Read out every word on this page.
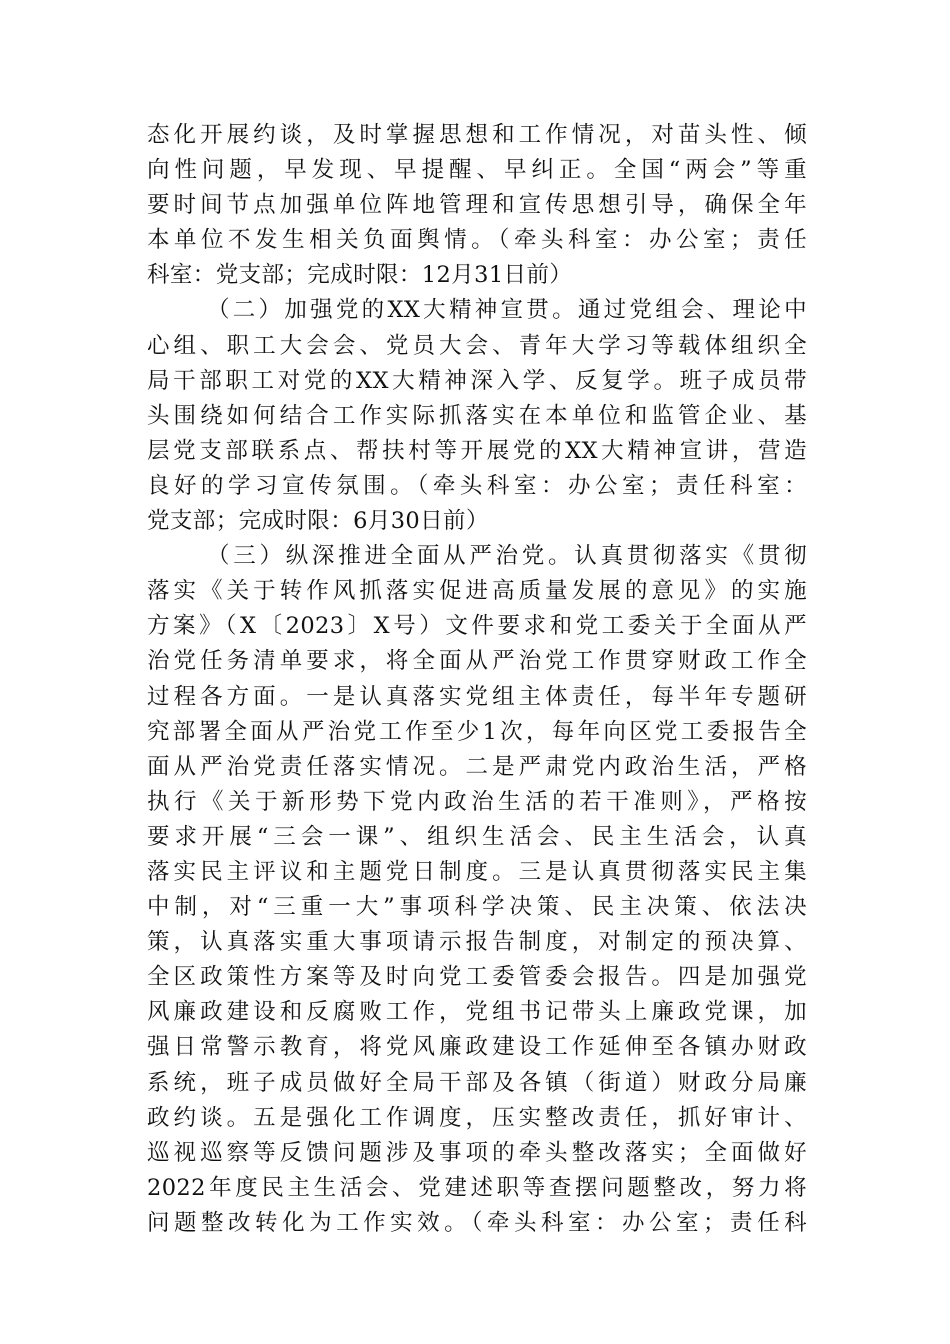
态化开展约谈，及时掌握思想和工作情况，对苗头性、倾
向性问题，早发现、早提醒、早纠正。全国“两会”等重
要时间节点加强单位阵地管理和宣传思想引导，确保全年
本单位不发生相关负面舆情。（牵头科室：办公室；责任
科室：党支部；完成时限：12月31日前）
（二）加强党的XX大精神宣贯。通过党组会、理论中
心组、职工大会会、党员大会、青年大学习等载体组织全
局干部职工对党的XX大精神深入学、反复学。班子成员带
头围绕如何结合工作实际抓落实在本单位和监管企业、基
层党支部联系点、帮扶村等开展党的XX大精神宣讲，营造
良好的学习宣传氛围。（牵头科室：办公室；责任科室：
党支部；完成时限：6月30日前）
（三）纵深推进全面从严治党。认真贯彻落实《贯彻
落实《关于转作风抓落实促进高质量发展的意见》的实施
方案》（X〔2023〕X号）文件要求和党工委关于全面从严
治党任务清单要求，将全面从严治党工作贯穿财政工作全
过程各方面。一是认真落实党组主体责任，每半年专题研
究部署全面从严治党工作至少1次，每年向区党工委报告全
面从严治党责任落实情况。二是严肃党内政治生活，严格
执行《关于新形势下党内政治生活的若干准则》，严格按
要求开展“三会一课”、组织生活会、民主生活会，认真
落实民主评议和主题党日制度。三是认真贯彻落实民主集
中制，对“三重一大”事项科学决策、民主决策、依法决
策，认真落实重大事项请示报告制度，对制定的预决算、
全区政策性方案等及时向党工委管委会报告。四是加强党
风廉政建设和反腐败工作，党组书记带头上廉政党课，加
强日常警示教育，将党风廉政建设工作延伸至各镇办财政
系统，班子成员做好全局干部及各镇（街道）财政分局廉
政约谈。五是强化工作调度，压实整改责任，抓好审计、
巡视巡察等反馈问题涉及事项的牵头整改落实；全面做好
2022年度民主生活会、党建述职等查摆问题整改，努力将
问题整改转化为工作实效。（牵头科室：办公室；责任科
